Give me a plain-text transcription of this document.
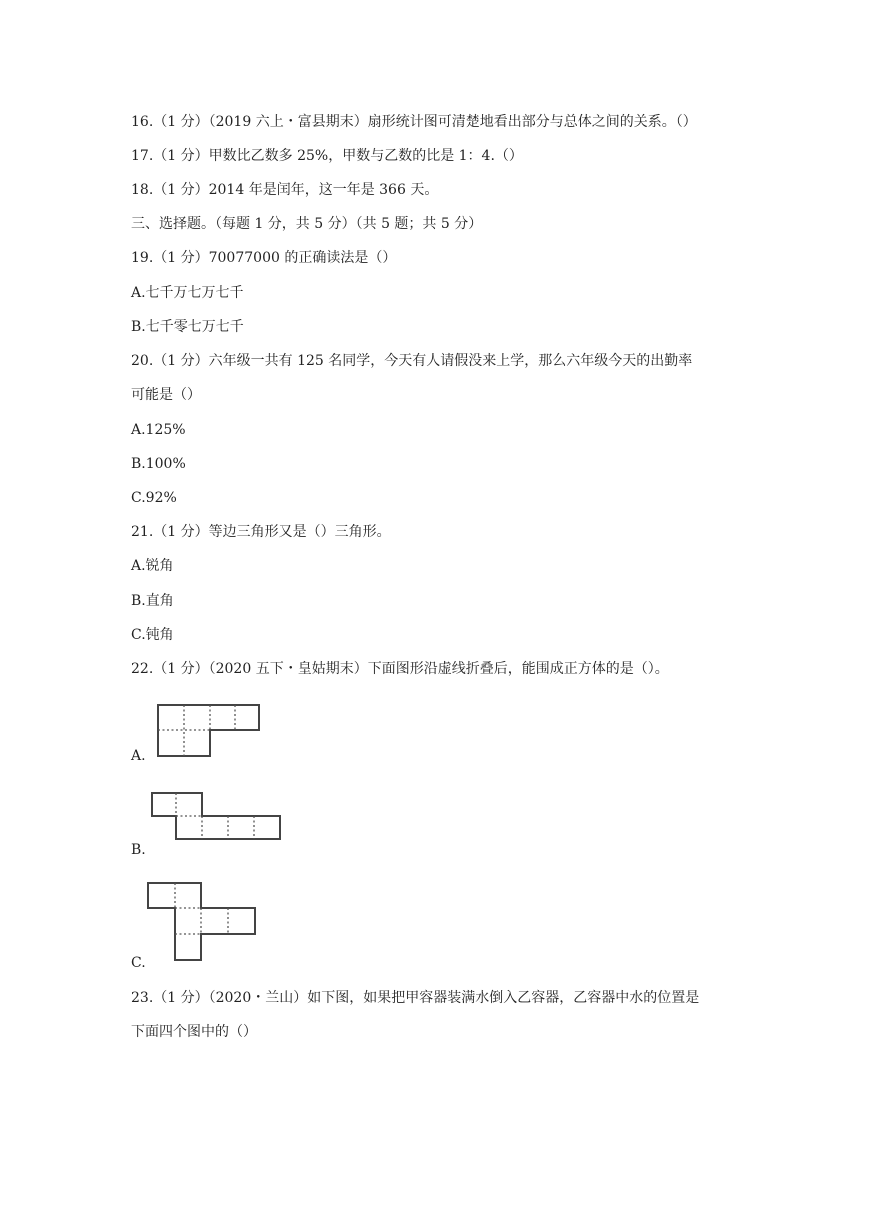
16.（1 分）（2019 六上・富县期末）扇形统计图可清楚地看出部分与总体之间的关系。（）
17.（1 分）甲数比乙数多 25%，甲数与乙数的比是 1：4.（）
18.（1 分）2014 年是闰年，这一年是 366 天。
三、选择题。（每题 1 分，共 5 分）（共 5 题；共 5 分）
19.（1 分）70077000 的正确读法是（）
A.七千万七万七千
B.七千零七万七千
20.（1 分）六年级一共有 125 名同学，今天有人请假没来上学，那么六年级今天的出勤率
可能是（）
A.125%
B.100%
C.92%
21.（1 分）等边三角形又是（）三角形。
A.锐角
B.直角
C.钝角
22.（1 分）（2020 五下・皇姑期末）下面图形沿虚线折叠后，能围成正方体的是（）。
A.
B.
C.
23.（1 分）（2020・兰山）如下图，如果把甲容器装满水倒入乙容器，乙容器中水的位置是
下面四个图中的（）
